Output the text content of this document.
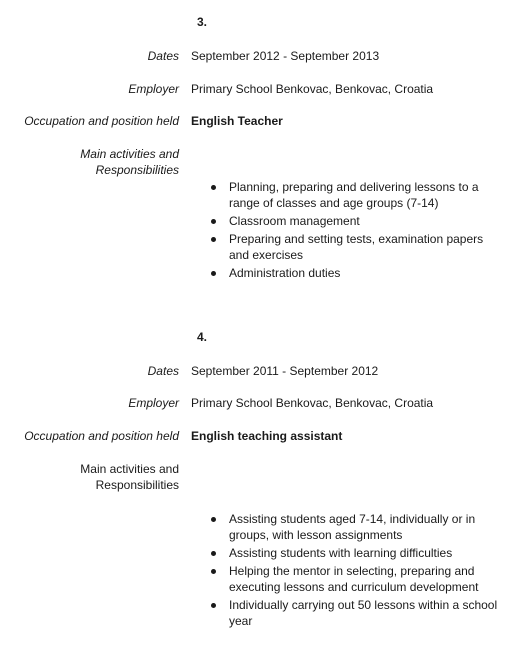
3.
Dates September 2012 - September 2013
Employer Primary School Benkovac, Benkovac, Croatia
Occupation and position held English Teacher
Main activities and
Responsibilities
Planning, preparing and delivering lessons to a range of classes and age groups (7-14)
Classroom management
Preparing and setting tests, examination papers and exercises
Administration duties
4.
Dates September 2011 - September 2012
Employer Primary School Benkovac, Benkovac, Croatia
Occupation and position held English teaching assistant
Main activities and
Responsibilities
Assisting students aged 7-14, individually or in groups, with lesson assignments
Assisting students with learning difficulties
Helping the mentor in selecting, preparing and executing lessons and curriculum development
Individually carrying out 50 lessons within a school year
